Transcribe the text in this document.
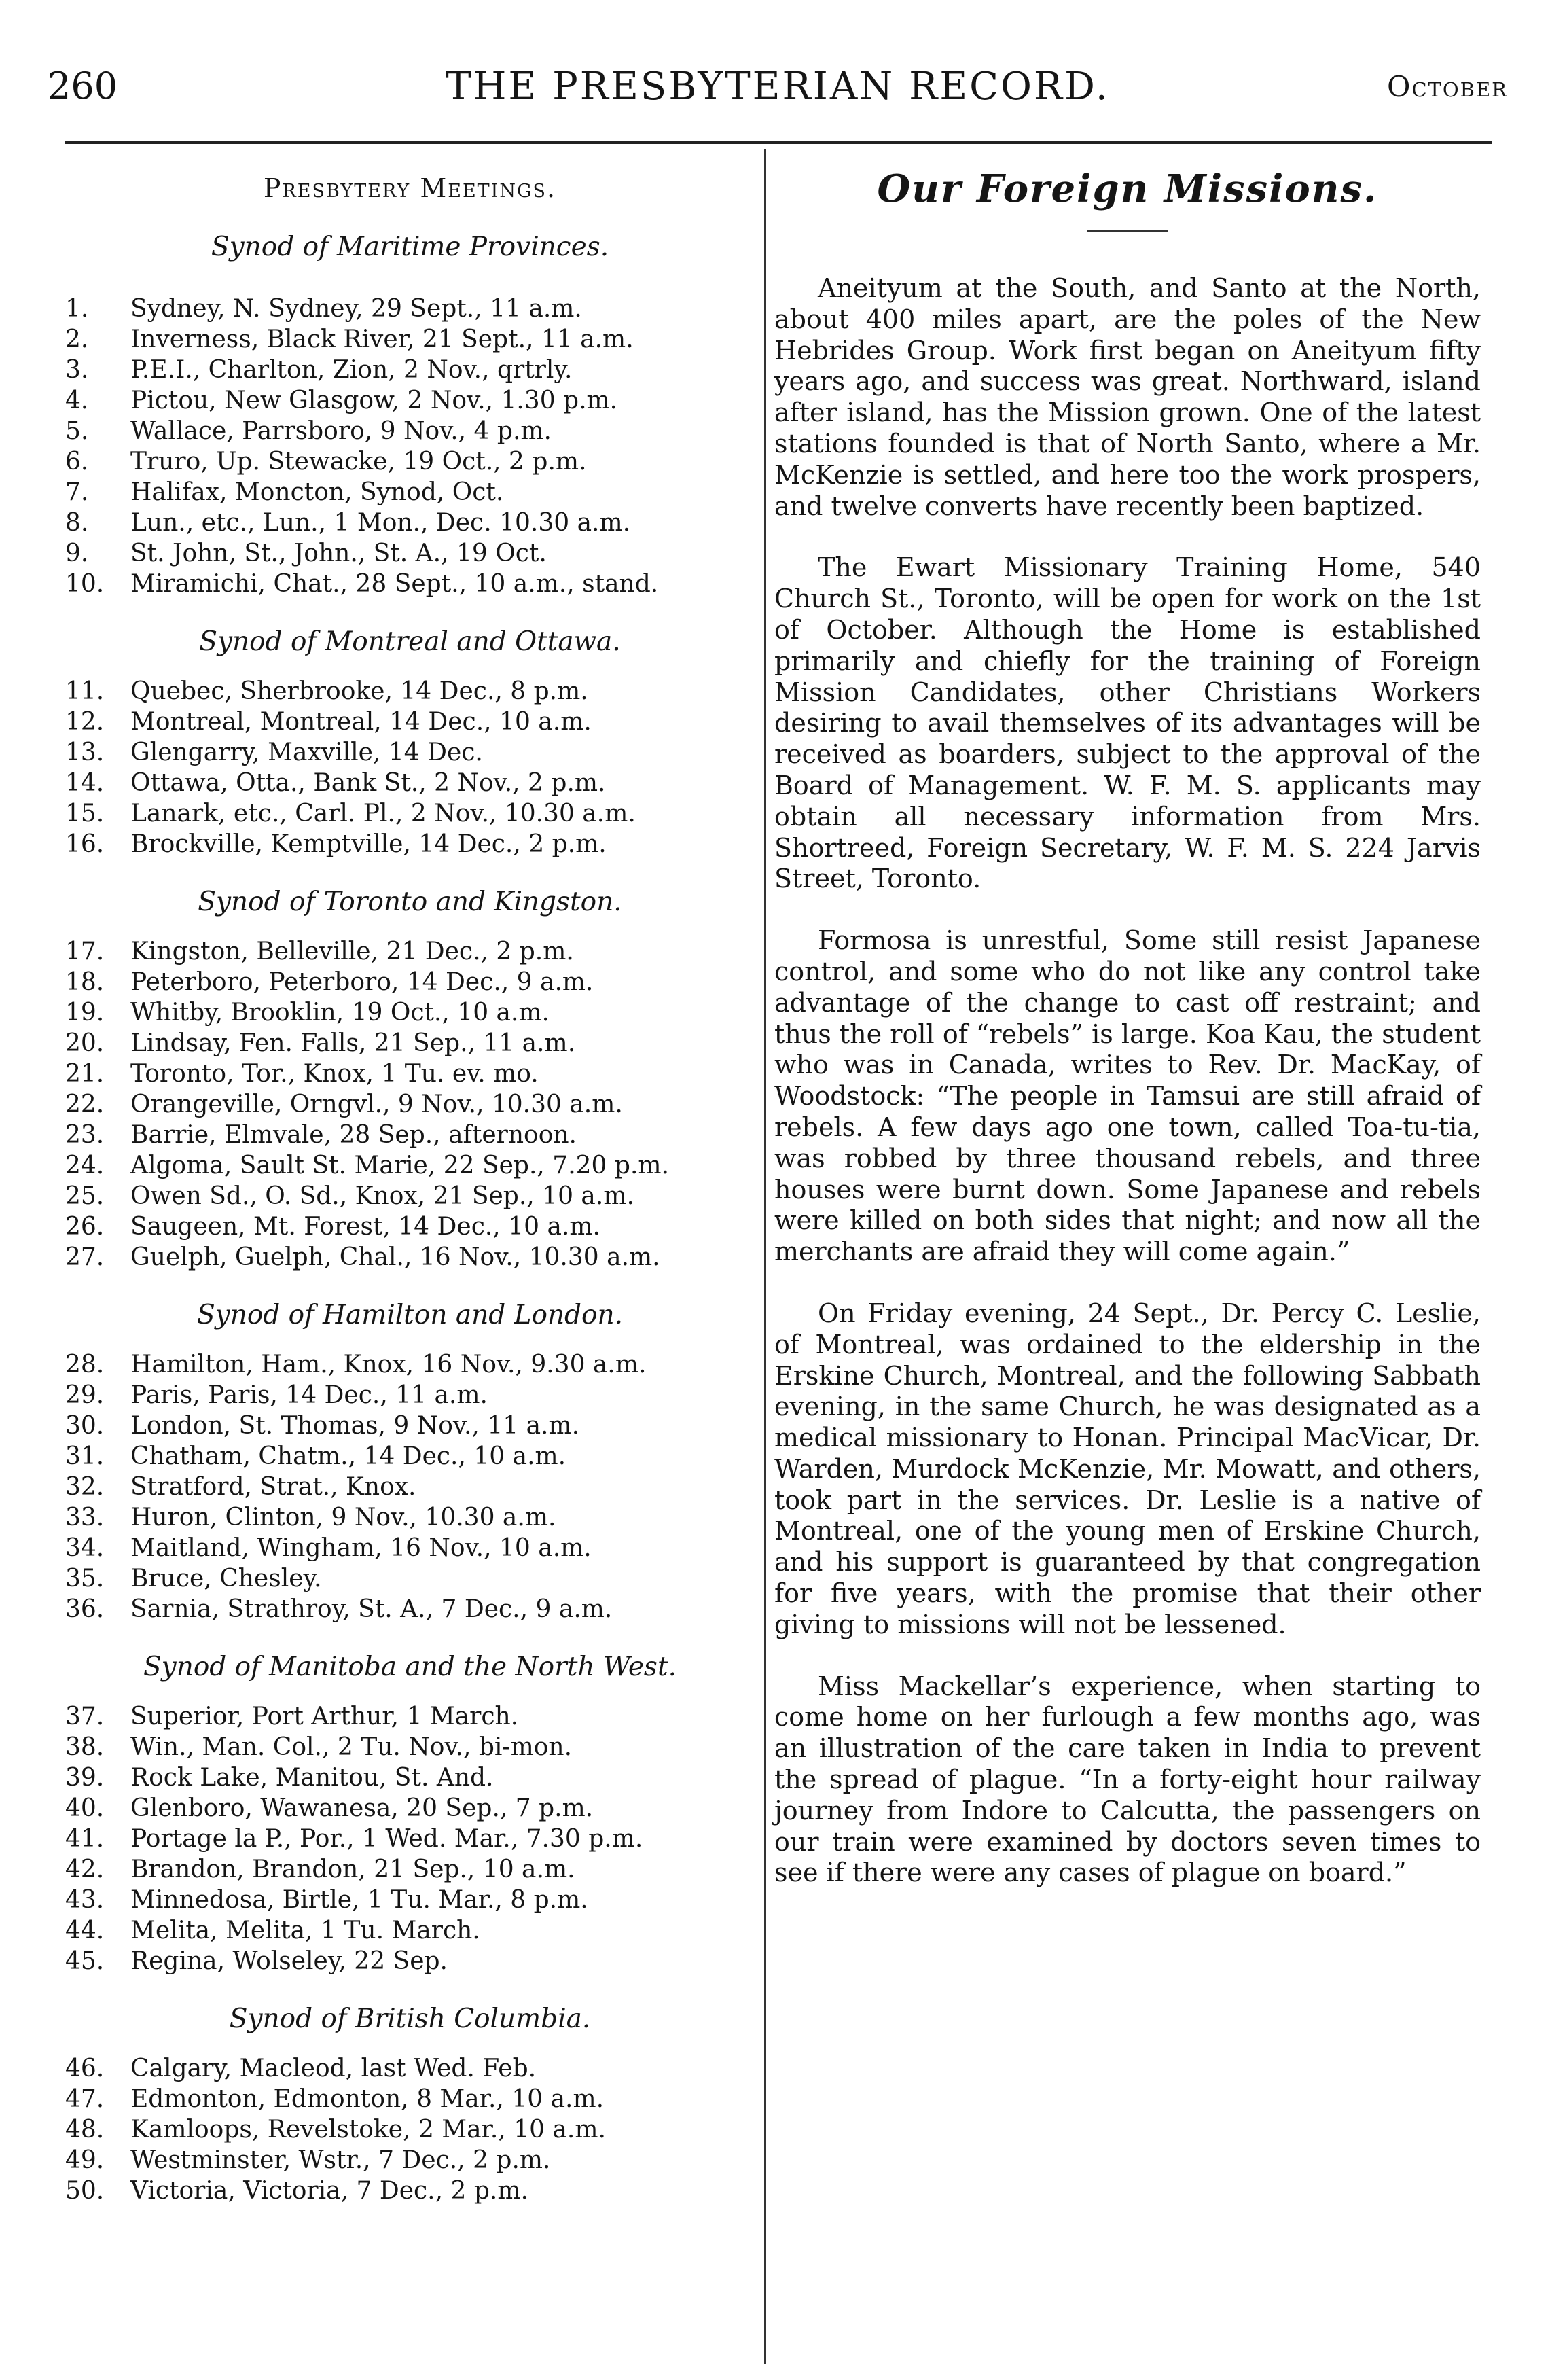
260	THE PRESBYTERIAN RECORD.	October
Presbytery Meetings.
Synod of Maritime Provinces.
1. Sydney, N. Sydney, 29 Sept., 11 a.m.
2. Inverness, Black River, 21 Sept., 11 a.m.
3. P.E.I., Charlton, Zion, 2 Nov., qrtrly.
4. Pictou, New Glasgow, 2 Nov., 1.30 p.m.
5. Wallace, Parrsboro, 9 Nov., 4 p.m.
6. Truro, Up. Stewacke, 19 Oct., 2 p.m.
7. Halifax, Moncton, Synod, Oct.
8. Lun., etc., Lun., 1 Mon., Dec. 10.30 a.m.
9. St. John, St., John., St. A., 19 Oct.
10. Miramichi, Chat., 28 Sept., 10 a.m., stand.
Synod of Montreal and Ottawa.
11. Quebec, Sherbrooke, 14 Dec., 8 p.m.
12. Montreal, Montreal, 14 Dec., 10 a.m.
13. Glengarry, Maxville, 14 Dec.
14. Ottawa, Otta., Bank St., 2 Nov., 2 p.m.
15. Lanark, etc., Carl. Pl., 2 Nov., 10.30 a.m.
16. Brockville, Kemptville, 14 Dec., 2 p.m.
Synod of Toronto and Kingston.
17. Kingston, Belleville, 21 Dec., 2 p.m.
18. Peterboro, Peterboro, 14 Dec., 9 a.m.
19. Whitby, Brooklin, 19 Oct., 10 a.m.
20. Lindsay, Fen. Falls, 21 Sep., 11 a.m.
21. Toronto, Tor., Knox, 1 Tu. ev. mo.
22. Orangeville, Orngvl., 9 Nov., 10.30 a.m.
23. Barrie, Elmvale, 28 Sep., afternoon.
24. Algoma, Sault St. Marie, 22 Sep., 7.20 p.m.
25. Owen Sd., O. Sd., Knox, 21 Sep., 10 a.m.
26. Saugeen, Mt. Forest, 14 Dec., 10 a.m.
27. Guelph, Guelph, Chal., 16 Nov., 10.30 a.m.
Synod of Hamilton and London.
28. Hamilton, Ham., Knox, 16 Nov., 9.30 a.m.
29. Paris, Paris, 14 Dec., 11 a.m.
30. London, St. Thomas, 9 Nov., 11 a.m.
31. Chatham, Chatm., 14 Dec., 10 a.m.
32. Stratford, Strat., Knox.
33. Huron, Clinton, 9 Nov., 10.30 a.m.
34. Maitland, Wingham, 16 Nov., 10 a.m.
35. Bruce, Chesley.
36. Sarnia, Strathroy, St. A., 7 Dec., 9 a.m.
Synod of Manitoba and the North West.
37. Superior, Port Arthur, 1 March.
38. Win., Man. Col., 2 Tu. Nov., bi-mon.
39. Rock Lake, Manitou, St. And.
40. Glenboro, Wawanesa, 20 Sep., 7 p.m.
41. Portage la P., Por., 1 Wed. Mar., 7.30 p.m.
42. Brandon, Brandon, 21 Sep., 10 a.m.
43. Minnedosa, Birtle, 1 Tu. Mar., 8 p.m.
44. Melita, Melita, 1 Tu. March.
45. Regina, Wolseley, 22 Sep.
Synod of British Columbia.
46. Calgary, Macleod, last Wed. Feb.
47. Edmonton, Edmonton, 8 Mar., 10 a.m.
48. Kamloops, Revelstoke, 2 Mar., 10 a.m.
49. Westminster, Wstr., 7 Dec., 2 p.m.
50. Victoria, Victoria, 7 Dec., 2 p.m.
Our Foreign Missions.

Aneityum at the South, and Santo at the North, about 400 miles apart, are the poles of the New Hebrides Group. Work first began on Aneityum fifty years ago, and success was great. Northward, island after island, has the Mission grown. One of the latest stations founded is that of North Santo, where a Mr. McKenzie is settled, and here too the work prospers, and twelve converts have recently been baptized.

The Ewart Missionary Training Home, 540 Church St., Toronto, will be open for work on the 1st of October. Although the Home is established primarily and chiefly for the training of Foreign Mission Candidates, other Christians Workers desiring to avail themselves of its advantages will be received as boarders, subject to the approval of the Board of Management. W. F. M. S. applicants may obtain all necessary information from Mrs. Shortreed, Foreign Secretary, W. F. M. S. 224 Jarvis Street, Toronto.

Formosa is unrestful, Some still resist Japanese control, and some who do not like any control take advantage of the change to cast off restraint; and thus the roll of “rebels” is large. Koa Kau, the student who was in Canada, writes to Rev. Dr. MacKay, of Woodstock: “The people in Tamsui are still afraid of rebels. A few days ago one town, called Toa-tu-tia, was robbed by three thousand rebels, and three houses were burnt down. Some Japanese and rebels were killed on both sides that night; and now all the merchants are afraid they will come again.”

On Friday evening, 24 Sept., Dr. Percy C. Leslie, of Montreal, was ordained to the eldership in the Erskine Church, Montreal, and the following Sabbath evening, in the same Church, he was designated as a medical missionary to Honan. Principal MacVicar, Dr. Warden, Murdock McKenzie, Mr. Mowatt, and others, took part in the services. Dr. Leslie is a native of Montreal, one of the young men of Erskine Church, and his support is guaranteed by that congregation for five years, with the promise that their other giving to missions will not be lessened.

Miss Mackellar’s experience, when starting to come home on her furlough a few months ago, was an illustration of the care taken in India to prevent the spread of plague. “In a forty-eight hour railway journey from Indore to Calcutta, the passengers on our train were examined by doctors seven times to see if there were any cases of plague on board.”
